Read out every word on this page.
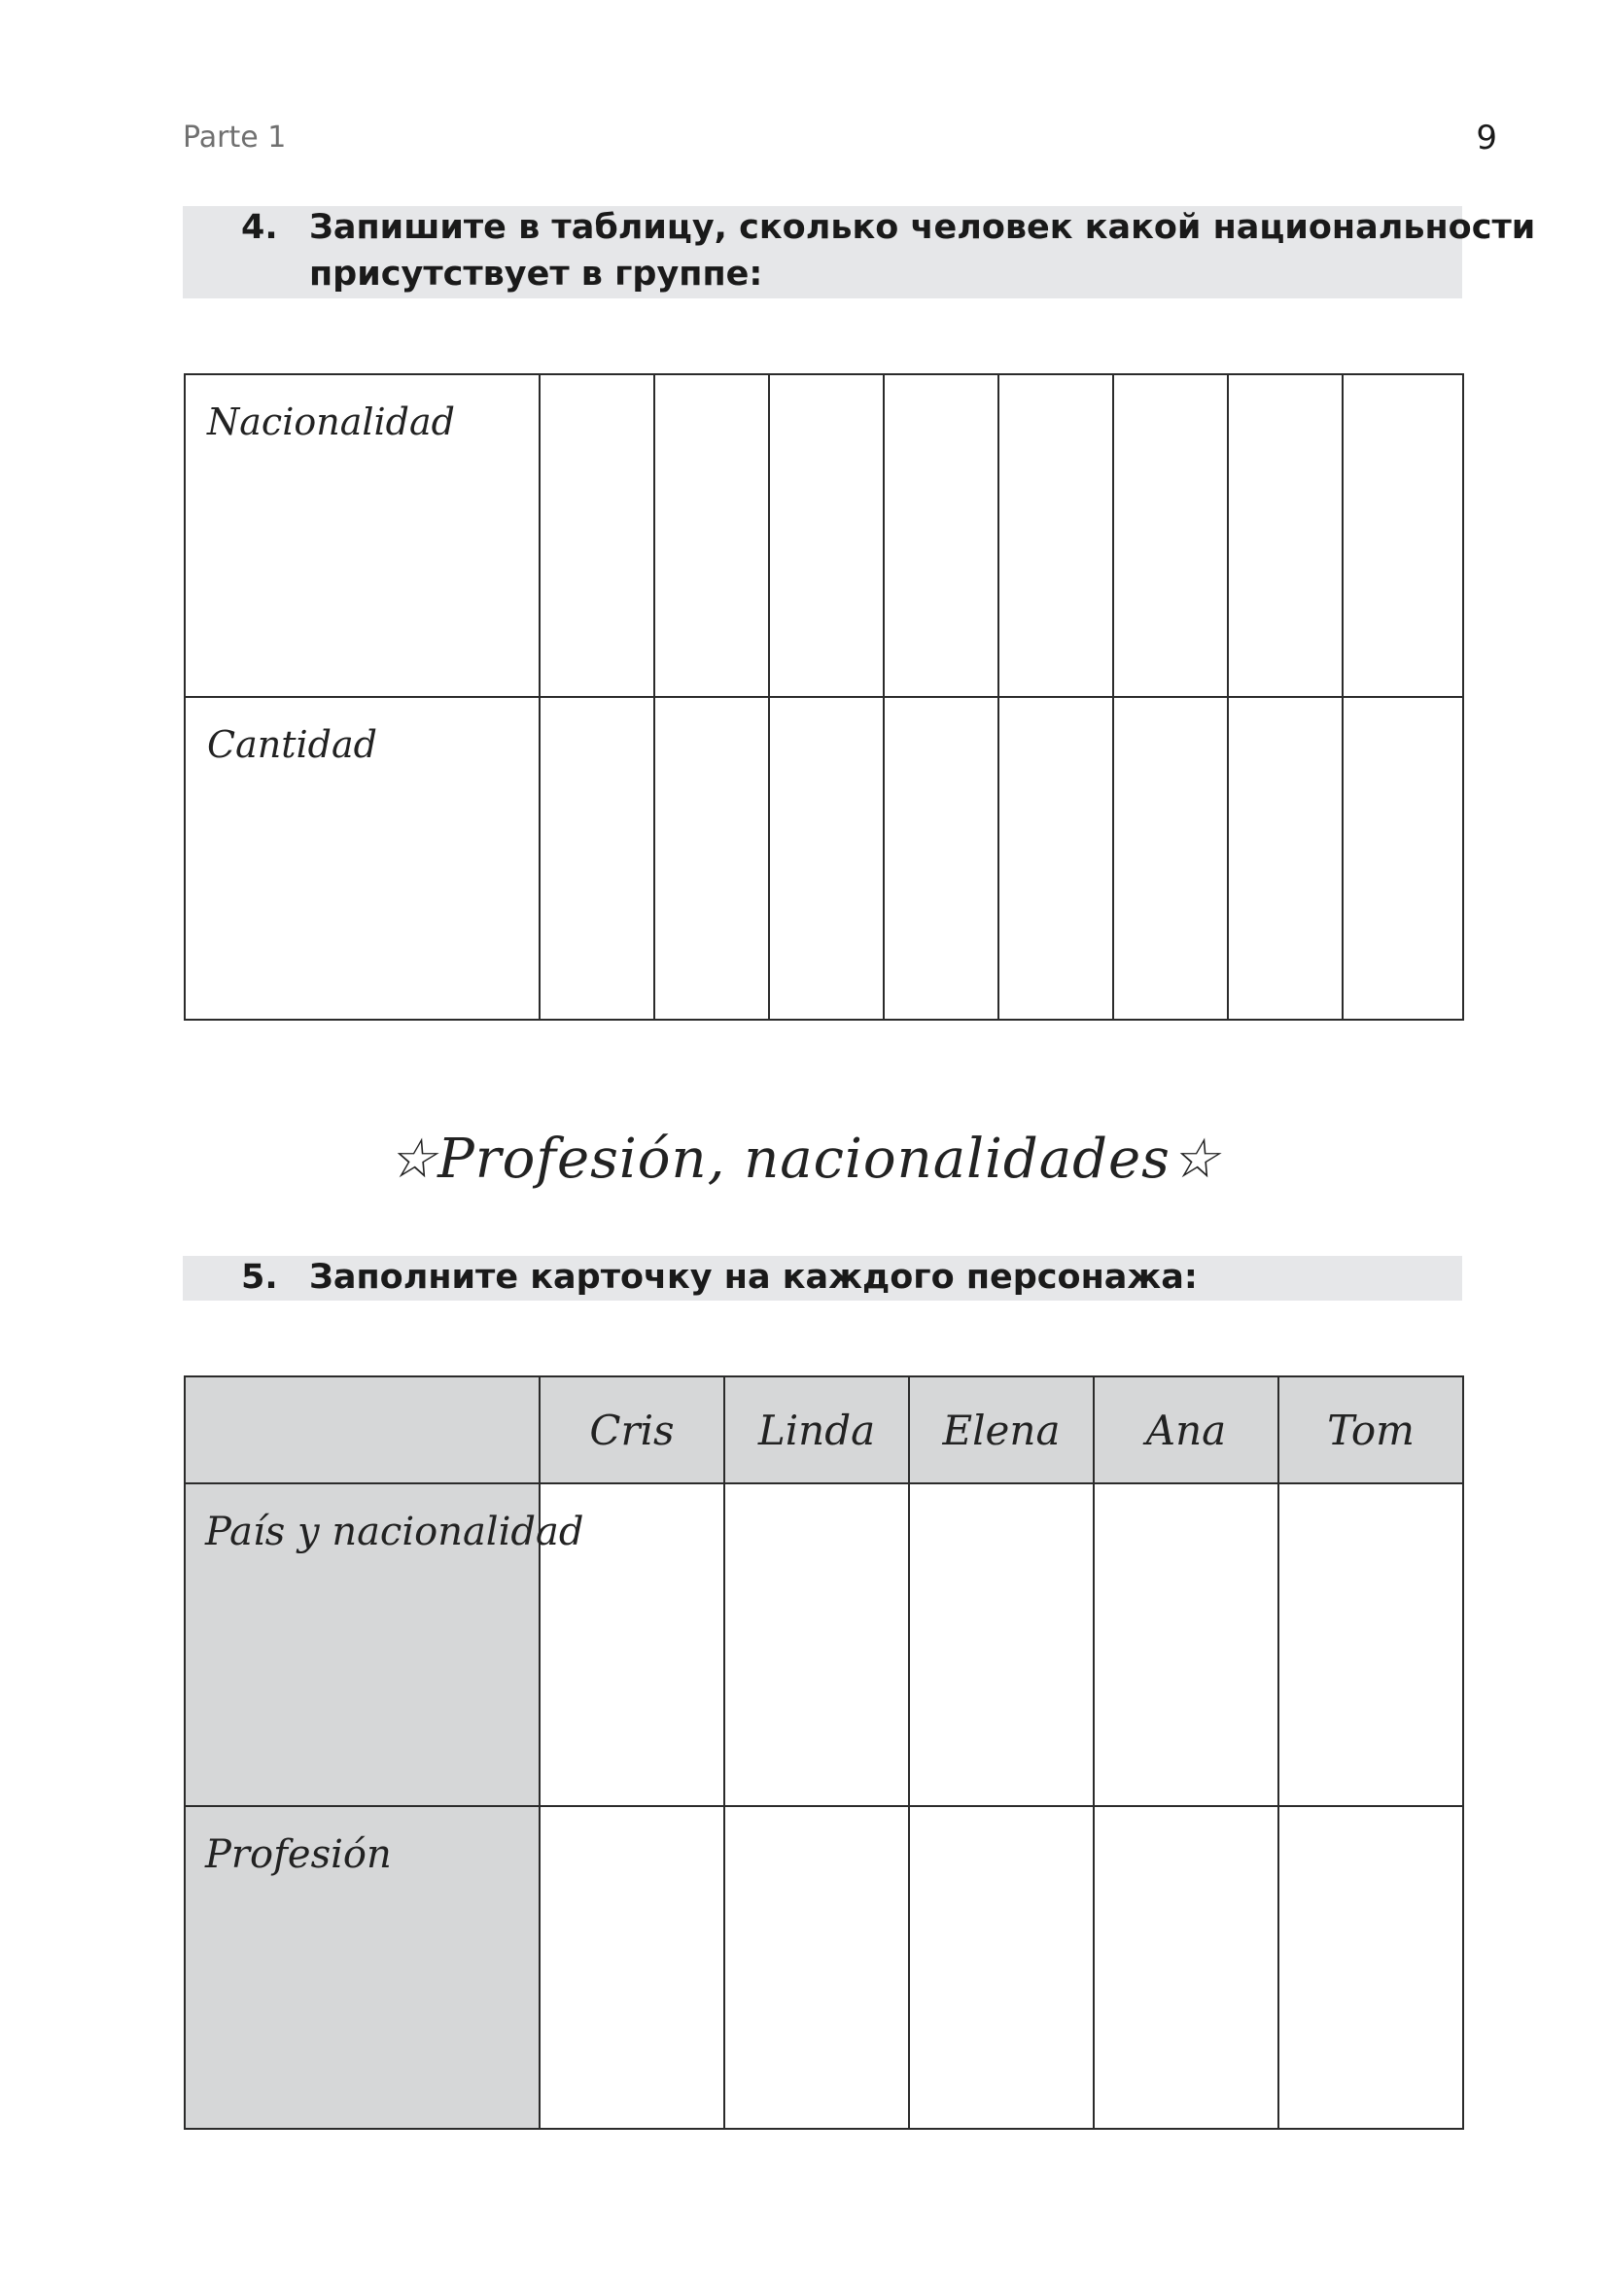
Parte 1	9
4. Запишите в таблицу, сколько человек какой национальности
присутствует в группе:
Nacionalidad								
Cantidad								
☆Profesión, nacionalidades☆
5. Заполните карточку на каждого персонажа:
	Cris	Linda	Elena	Ana	Tom
País y nacionalidad					
Profesión					
